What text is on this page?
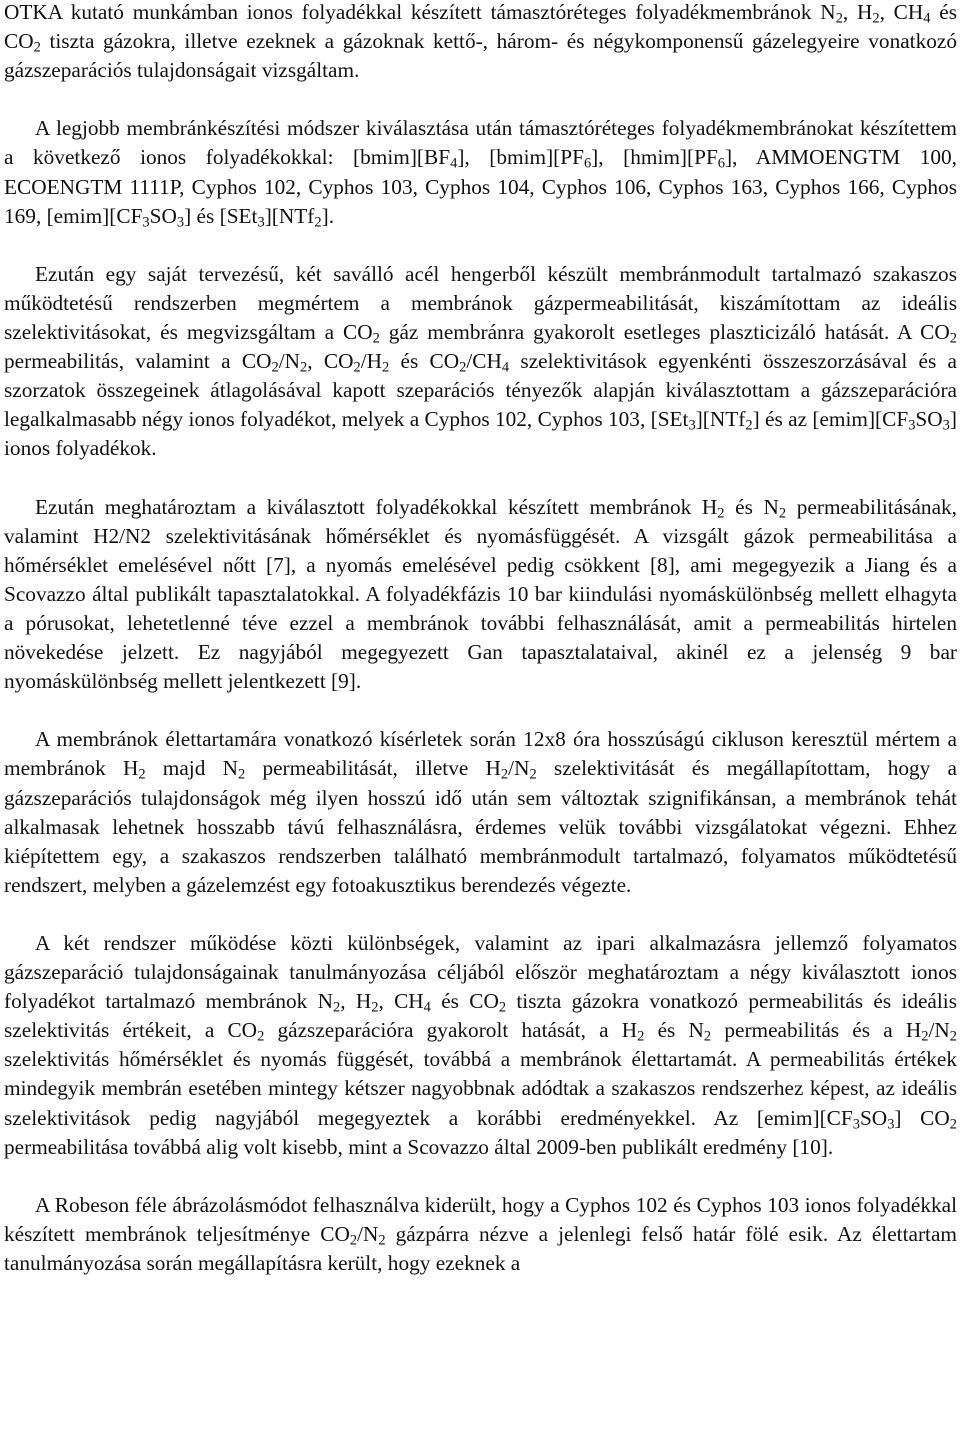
OTKA kutató munkámban ionos folyadékkal készített támasztóréteges folyadékmembránok $N_2$, $H_2$, $CH_4$ és $CO_2$ tiszta gázokra, illetve ezeknek a gázoknak kettő-, három- és négykomponensű gázelegyeire vonatkozó gázszeparációs tulajdonságait vizsgáltam.

A legjobb membránkészítési módszer kiválasztása után támasztóréteges folyadékmembránokat készítettem a következő ionos folyadékokkal: $[bmim][BF_4]$, $[bmim][PF_6]$, $[hmim][PF_6]$, AMMOENGTM 100, ECOENGTM 1111P, Cyphos 102, Cyphos 103, Cyphos 104, Cyphos 106, Cyphos 163, Cyphos 166, Cyphos 169, $[emim][CF_3SO_3]$ és [SEt$_3$][NTf$_2$].

Ezután egy saját tervezésű, két saválló acél hengerből készült membránmodult tartalmazó szakaszos működtetésű rendszerben megmértem a membránok gázpermeabilitását, kiszámítottam az ideális szelektivitásokat, és megvizsgáltam a $CO_2$ gáz membránra gyakorolt esetleges plaszticizáló hatását. A $CO_2$ permeabilitás, valamint a $CO_2/N_2$, $CO_2/H_2$ és $CO_2/CH_4$ szelektivitások egyenkénti összeszorzásával és a szorzatok összegeinek átlagolásával kapott szeparációs tényezők alapján kiválasztottam a gázszeparációra legalkalmasabb négy ionos folyadékot, melyek a Cyphos 102, Cyphos 103, [SEt$_3$][NTf$_2$] és az $[emim][CF_3SO_3]$ ionos folyadékok.

Ezután meghatároztam a kiválasztott folyadékokkal készített membránok $H_2$ és $N_2$ permeabilitásának, valamint H2/N2 szelektivitásának hőmérséklet és nyomásfüggését. A vizsgált gázok permeabilitása a hőmérséklet emelésével nőtt [7], a nyomás emelésével pedig csökkent [8], ami megegyezik a Jiang és a Scovazzo által publikált tapasztalatokkal. A folyadékfázis 10 bar kiindulási nyomáskülönbség mellett elhagyta a pórusokat, lehetetlenné téve ezzel a membránok további felhasználását, amit a permeabilitás hirtelen növekedése jelzett. Ez nagyjából megegyezett Gan tapasztalataival, akinél ez a jelenség 9 bar nyomáskülönbség mellett jelentkezett [9].

A membránok élettartamára vonatkozó kísérletek során 12x8 óra hosszúságú cikluson keresztül mértem a membránok $H_2$ majd $N_2$ permeabilitását, illetve $H_2/N_2$ szelektivitását és megállapítottam, hogy a gázszeparációs tulajdonságok még ilyen hosszú idő után sem változtak szignifikánsan, a membránok tehát alkalmasak lehetnek hosszabb távú felhasználásra, érdemes velük további vizsgálatokat végezni. Ehhez kiépítettem egy, a szakaszos rendszerben található membránmodult tartalmazó, folyamatos működtetésű rendszert, melyben a gázelemzést egy fotoakusztikus berendezés végezte.

A két rendszer működése közti különbségek, valamint az ipari alkalmazásra jellemző folyamatos gázszeparáció tulajdonságainak tanulmányozása céljából először meghatároztam a négy kiválasztott ionos folyadékot tartalmazó membránok $N_2$, $H_2$, $CH_4$ és $CO_2$ tiszta gázokra vonatkozó permeabilitás és ideális szelektivitás értékeit, a $CO_2$ gázszeparációra gyakorolt hatását, a $H_2$ és $N_2$ permeabilitás és a $H_2/N_2$ szelektivitás hőmérséklet és nyomás függését, továbbá a membránok élettartamát. A permeabilitás értékek mindegyik membrán esetében mintegy kétszer nagyobbnak adódtak a szakaszos rendszerhez képest, az ideális szelektivitások pedig nagyjából megegyeztek a korábbi eredményekkel. Az $[emim][CF_3SO_3]$ $CO_2$ permeabilitása továbbá alig volt kisebb, mint a Scovazzo által 2009-ben publikált eredmény [10].

A Robeson féle ábrázolásmódot felhasználva kiderült, hogy a Cyphos 102 és Cyphos 103 ionos folyadékkal készített membránok teljesítménye $CO_2/N_2$ gázpárra nézve a jelenlegi felső határ fölé esik. Az élettartam tanulmányozása során megállapításra került, hogy ezeknek a
